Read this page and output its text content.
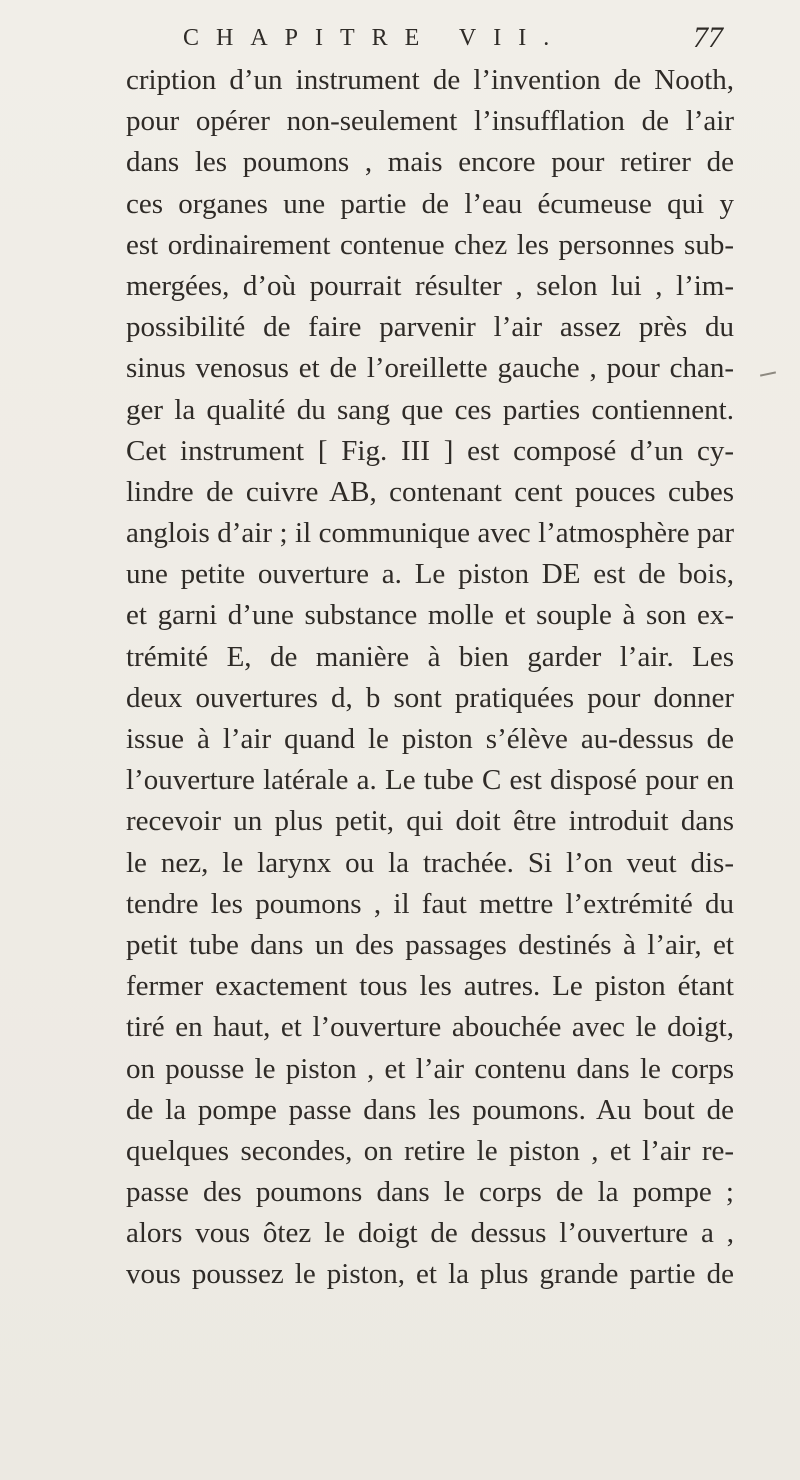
CHAPITRE VII.	77
cription d’un instrument de l’invention de Nooth,
pour opérer non-seulement l’insufflation de l’air
dans les poumons , mais encore pour retirer de
ces organes une partie de l’eau écumeuse qui y
est ordinairement contenue chez les personnes sub-
mergées, d’où pourrait résulter , selon lui , l’im-
possibilité de faire parvenir l’air assez près du
sinus venosus et de l’oreillette gauche , pour chan-
ger la qualité du sang que ces parties contiennent.
Cet instrument [ Fig. III ] est composé d’un cy-
lindre de cuivre AB, contenant cent pouces cubes
anglois d’air ; il communique avec l’atmosphère par
une petite ouverture a. Le piston DE est de bois,
et garni d’une substance molle et souple à son ex-
trémité E, de manière à bien garder l’air. Les
deux ouvertures d, b sont pratiquées pour donner
issue à l’air quand le piston s’élève au-dessus de
l’ouverture latérale a. Le tube C est disposé pour en
recevoir un plus petit, qui doit être introduit dans
le nez, le larynx ou la trachée. Si l’on veut dis-
tendre les poumons , il faut mettre l’extrémité du
petit tube dans un des passages destinés à l’air, et
fermer exactement tous les autres. Le piston étant
tiré en haut, et l’ouverture abouchée avec le doigt,
on pousse le piston , et l’air contenu dans le corps
de la pompe passe dans les poumons. Au bout de
quelques secondes, on retire le piston , et l’air re-
passe des poumons dans le corps de la pompe ;
alors vous ôtez le doigt de dessus l’ouverture a ,
vous poussez le piston, et la plus grande partie de
